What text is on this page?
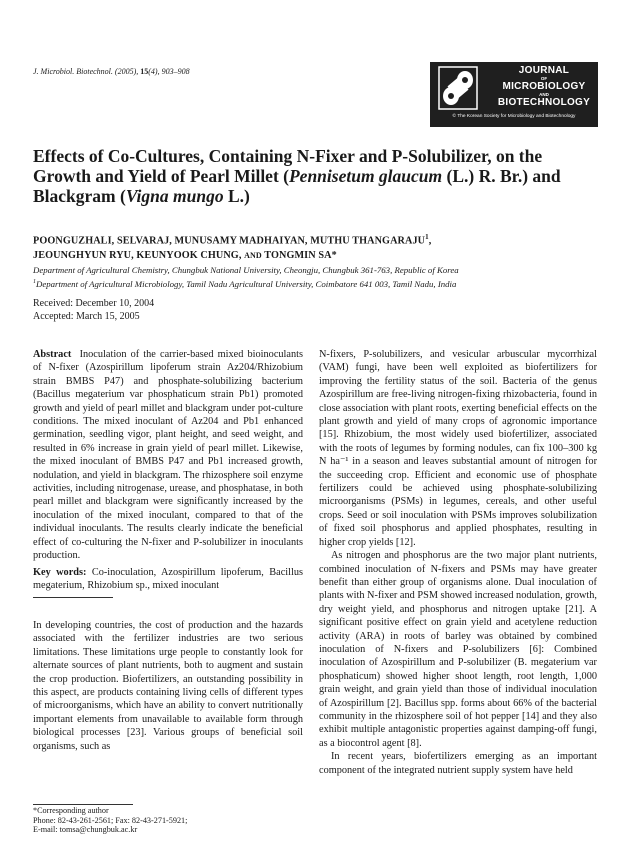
J. Microbiol. Biotechnol. (2005), 15(4), 903–908	JOURNAL
OF
MICROBIOLOGY
AND
BIOTECHNOLOGY
© The Korean Society for Microbiology and Biotechnology
Effects of Co-Cultures, Containing N-Fixer and P-Solubilizer, on the Growth and Yield of Pearl Millet (Pennisetum glaucum (L.) R. Br.) and Blackgram (Vigna mungo L.)
POONGUZHALI, SELVARAJ, MUNUSAMY MADHAIYAN, MUTHU THANGARAJU$^1$,
JEOUNGHYUN RYU, KEUNYOOK CHUNG, AND TONGMIN SA*
Department of Agricultural Chemistry, Chungbuk National University, Cheongju, Chungbuk 361-763, Republic of Korea
$^1$Department of Agricultural Microbiology, Tamil Nadu Agricultural University, Coimbatore 641 003, Tamil Nadu, India
Received: December 10, 2004
Accepted: March 15, 2005

Abstract Inoculation of the carrier-based mixed bioinoculants of N-fixer (Azospirillum lipoferum strain Az204/Rhizobium strain BMBS P47) and phosphate-solubilizing bacterium (Bacillus megaterium var phosphaticum strain Pb1) promoted growth and yield of pearl millet and blackgram under pot-culture conditions. The mixed inoculant of Az204 and Pb1 enhanced germination, seedling vigor, plant height, and seed weight, and resulted in 6% increase in grain yield of pearl millet. Likewise, the mixed inoculant of BMBS P47 and Pb1 increased growth, nodulation, and yield in blackgram. The rhizosphere soil enzyme activities, including nitrogenase, urease, and phosphatase, in both pearl millet and blackgram were significantly increased by the inoculation of the mixed inoculant, compared to that of the individual inoculants. The results clearly indicate the beneficial effect of co-culturing the N-fixer and P-solubilizer in inoculants production.

Key words: Co-inoculation, Azospirillum lipoferum, Bacillus megaterium, Rhizobium sp., mixed inoculant

In developing countries, the cost of production and the hazards associated with the fertilizer industries are two serious limitations. These limitations urge people to constantly look for alternate sources of plant nutrients, both to augment and sustain the crop production. Biofertilizers, an outstanding possibility in this aspect, are products containing living cells of different types of microorganisms, which have an ability to convert nutritionally important elements from unavailable to available form through biological processes [23]. Various groups of beneficial soil organisms, such as

N-fixers, P-solubilizers, and vesicular arbuscular mycorrhizal (VAM) fungi, have been well exploited as biofertilizers for improving the fertility status of the soil. Bacteria of the genus Azospirillum are free-living nitrogen-fixing rhizobacteria, found in close association with plant roots, exerting beneficial effects on the plant growth and yield of many crops of agronomic importance [15]. Rhizobium, the most widely used biofertilizer, associated with the roots of legumes by forming nodules, can fix 100–300 kg N ha⁻¹ in a season and leaves substantial amount of nitrogen for the succeeding crop. Efficient and economic use of phosphate fertilizers could be achieved using phosphate-solubilizing microorganisms (PSMs) in legumes, cereals, and other useful crops. Seed or soil inoculation with PSMs improves solubilization of fixed soil phosphorus and applied phosphates, resulting in higher crop yields [12].

As nitrogen and phosphorus are the two major plant nutrients, combined inoculation of N-fixers and PSMs may have greater benefit than either group of organisms alone. Dual inoculation of plants with N-fixer and PSM showed increased nodulation, growth, dry weight yield, and phosphorus and nitrogen uptake [21]. A significant positive effect on grain yield and acetylene reduction activity (ARA) in roots of barley was obtained by combined inoculation of N-fixers and P-solubilizers [6]: Combined inoculation of Azospirillum and P-solubilizer (B. megaterium var phosphaticum) showed higher shoot length, root length, 1,000 grain weight, and grain yield than those of individual inoculation of Azospirillum [2]. Bacillus spp. forms about 66% of the bacterial community in the rhizosphere soil of hot pepper [14] and they also exhibit multiple antagonistic properties against damping-off fungi, as a biocontrol agent [8].

In recent years, biofertilizers emerging as an important component of the integrated nutrient supply system have held

*Corresponding author
Phone: 82-43-261-2561; Fax: 82-43-271-5921;
E-mail: tomsa@chungbuk.ac.kr
